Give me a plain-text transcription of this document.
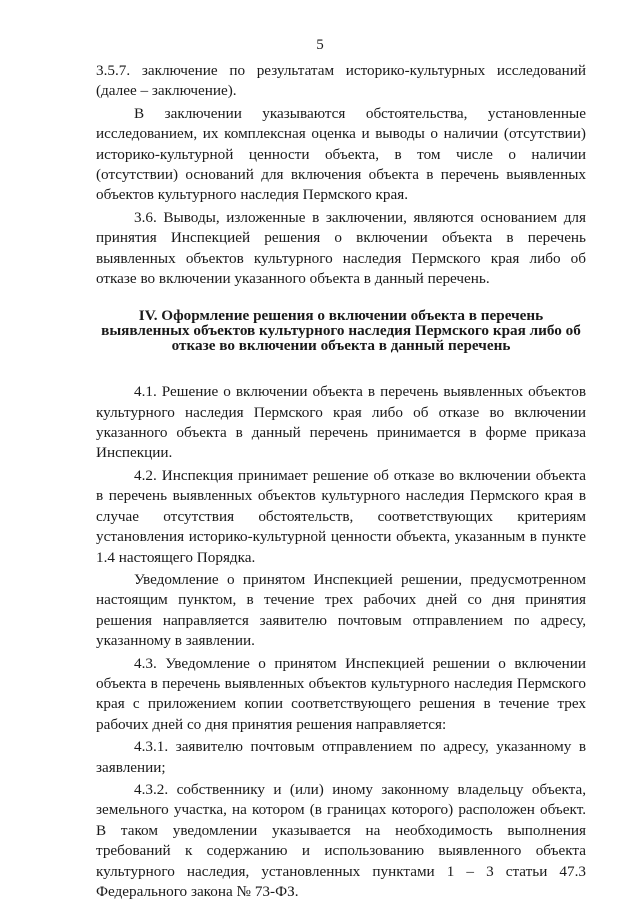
5

3.5.7. заключение по результатам историко-культурных исследований (далее – заключение).

В заключении указываются обстоятельства, установленные исследованием, их комплексная оценка и выводы о наличии (отсутствии) историко-культурной ценности объекта, в том числе о наличии (отсутствии) оснований для включения объекта в перечень выявленных объектов культурного наследия Пермского края.

3.6. Выводы, изложенные в заключении, являются основанием для принятия Инспекцией решения о включении объекта в перечень выявленных объектов культурного наследия Пермского края либо об отказе во включении указанного объекта в данный перечень.

IV. Оформление решения о включении объекта в перечень выявленных объектов культурного наследия Пермского края либо об отказе во включении объекта в данный перечень

4.1. Решение о включении объекта в перечень выявленных объектов культурного наследия Пермского края либо об отказе во включении указанного объекта в данный перечень принимается в форме приказа Инспекции.

4.2. Инспекция принимает решение об отказе во включении объекта в перечень выявленных объектов культурного наследия Пермского края в случае отсутствия обстоятельств, соответствующих критериям установления историко-культурной ценности объекта, указанным в пункте 1.4 настоящего Порядка.

Уведомление о принятом Инспекцией решении, предусмотренном настоящим пунктом, в течение трех рабочих дней со дня принятия решения направляется заявителю почтовым отправлением по адресу, указанному в заявлении.

4.3. Уведомление о принятом Инспекцией решении о включении объекта в перечень выявленных объектов культурного наследия Пермского края с приложением копии соответствующего решения в течение трех рабочих дней со дня принятия решения направляется:

4.3.1. заявителю почтовым отправлением по адресу, указанному в заявлении;

4.3.2. собственнику и (или) иному законному владельцу объекта, земельного участка, на котором (в границах которого) расположен объект. В таком уведомлении указывается на необходимость выполнения требований к содержанию и использованию выявленного объекта культурного наследия, установленных пунктами 1 – 3 статьи 47.3 Федерального закона № 73-ФЗ.
